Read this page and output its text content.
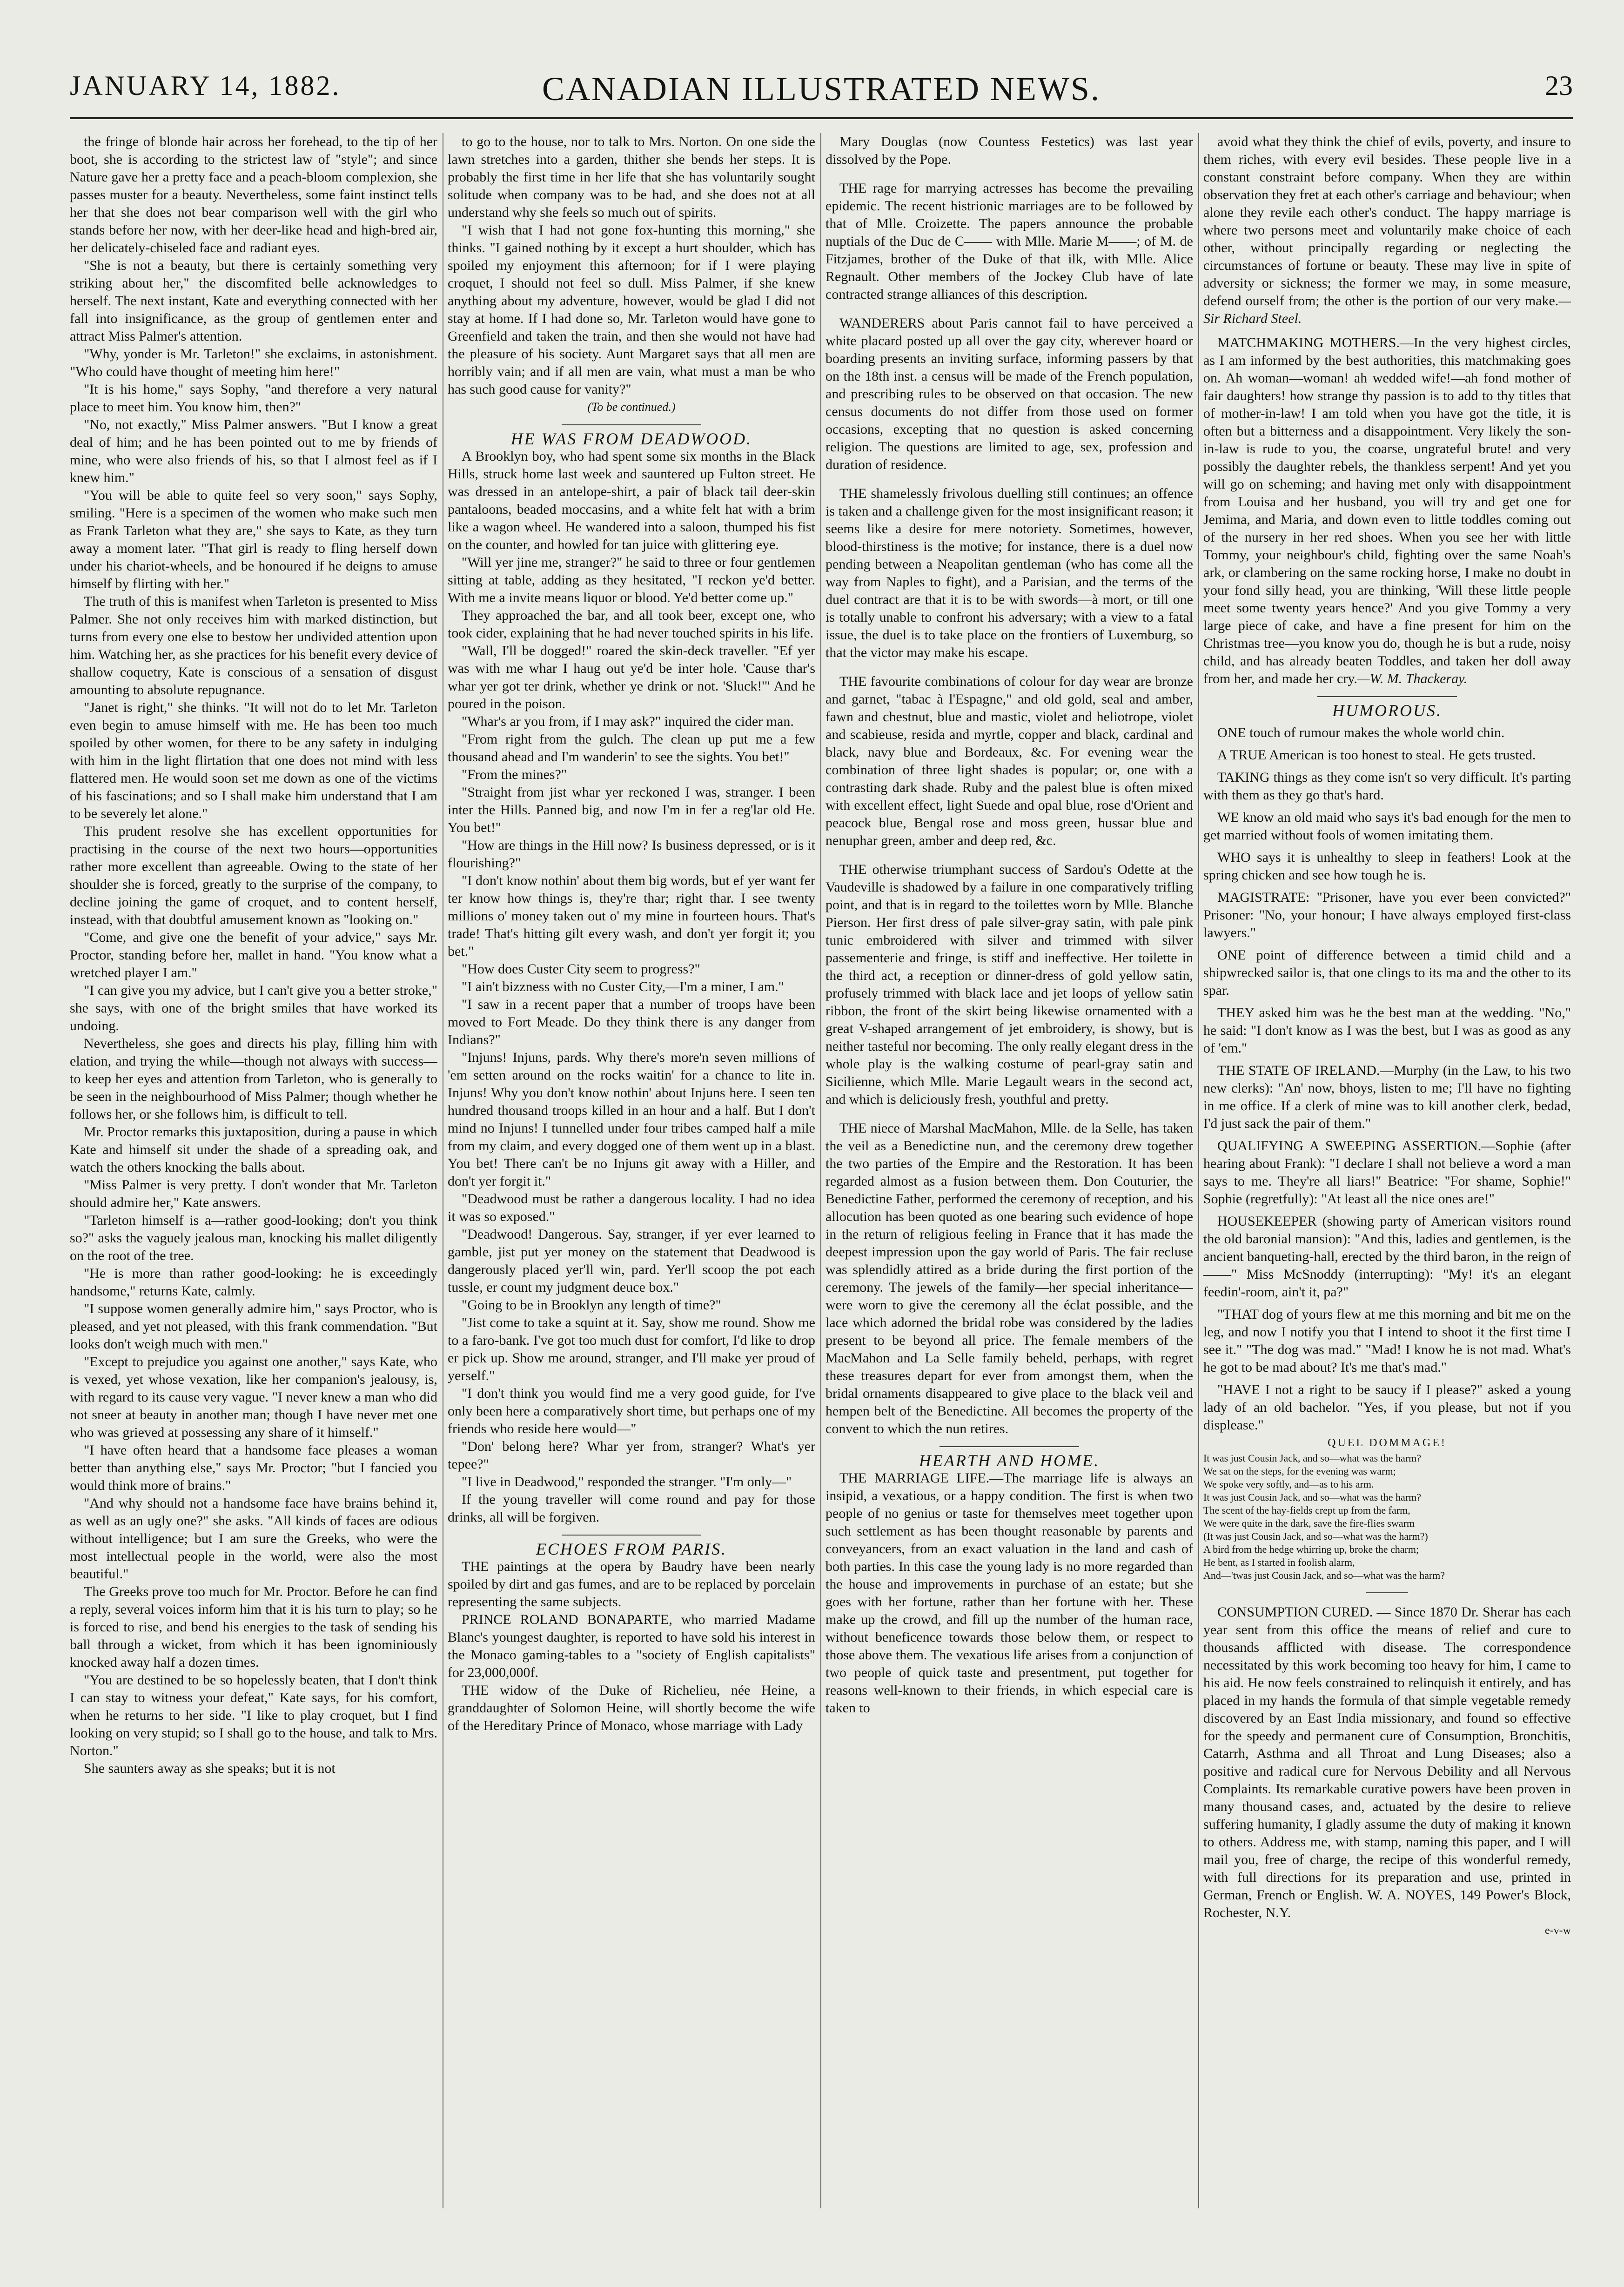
JANUARY 14, 1882.	CANADIAN ILLUSTRATED NEWS.	23

the fringe of blonde hair across her forehead, to the tip of her boot, she is according to the strictest law of "style"; and since Nature gave her a pretty face and a peach-bloom complexion, she passes muster for a beauty. Nevertheless, some faint instinct tells her that she does not bear comparison well with the girl who stands before her now, with her deer-like head and high-bred air, her delicately-chiseled face and radiant eyes.

"She is not a beauty, but there is certainly something very striking about her," the discomfited belle acknowledges to herself. The next instant, Kate and everything connected with her fall into insignificance, as the group of gentlemen enter and attract Miss Palmer's attention.

"Why, yonder is Mr. Tarleton!" she exclaims, in astonishment. "Who could have thought of meeting him here!"

"It is his home," says Sophy, "and therefore a very natural place to meet him. You know him, then?"

"No, not exactly," Miss Palmer answers. "But I know a great deal of him; and he has been pointed out to me by friends of mine, who were also friends of his, so that I almost feel as if I knew him."

"You will be able to quite feel so very soon," says Sophy, smiling. "Here is a specimen of the women who make such men as Frank Tarleton what they are," she says to Kate, as they turn away a moment later. "That girl is ready to fling herself down under his chariot-wheels, and be honoured if he deigns to amuse himself by flirting with her."

The truth of this is manifest when Tarleton is presented to Miss Palmer. She not only receives him with marked distinction, but turns from every one else to bestow her undivided attention upon him. Watching her, as she practices for his benefit every device of shallow coquetry, Kate is conscious of a sensation of disgust amounting to absolute repugnance.

"Janet is right," she thinks. "It will not do to let Mr. Tarleton even begin to amuse himself with me. He has been too much spoiled by other women, for there to be any safety in indulging with him in the light flirtation that one does not mind with less flattered men. He would soon set me down as one of the victims of his fascinations; and so I shall make him understand that I am to be severely let alone."

This prudent resolve she has excellent opportunities for practising in the course of the next two hours—opportunities rather more excellent than agreeable. Owing to the state of her shoulder she is forced, greatly to the surprise of the company, to decline joining the game of croquet, and to content herself, instead, with that doubtful amusement known as "looking on."

"Come, and give one the benefit of your advice," says Mr. Proctor, standing before her, mallet in hand. "You know what a wretched player I am."

"I can give you my advice, but I can't give you a better stroke," she says, with one of the bright smiles that have worked its undoing.

Nevertheless, she goes and directs his play, filling him with elation, and trying the while—though not always with success—to keep her eyes and attention from Tarleton, who is generally to be seen in the neighbourhood of Miss Palmer; though whether he follows her, or she follows him, is difficult to tell.

Mr. Proctor remarks this juxtaposition, during a pause in which Kate and himself sit under the shade of a spreading oak, and watch the others knocking the balls about.

"Miss Palmer is very pretty. I don't wonder that Mr. Tarleton should admire her," Kate answers.

"Tarleton himself is a—rather good-looking; don't you think so?" asks the vaguely jealous man, knocking his mallet diligently on the root of the tree.

"He is more than rather good-looking: he is exceedingly handsome," returns Kate, calmly.

"I suppose women generally admire him," says Proctor, who is pleased, and yet not pleased, with this frank commendation. "But looks don't weigh much with men."

"Except to prejudice you against one another," says Kate, who is vexed, yet whose vexation, like her companion's jealousy, is, with regard to its cause very vague. "I never knew a man who did not sneer at beauty in another man; though I have never met one who was grieved at possessing any share of it himself."

"I have often heard that a handsome face pleases a woman better than anything else," says Mr. Proctor; "but I fancied you would think more of brains."

"And why should not a handsome face have brains behind it, as well as an ugly one?" she asks. "All kinds of faces are odious without intelligence; but I am sure the Greeks, who were the most intellectual people in the world, were also the most beautiful."

The Greeks prove too much for Mr. Proctor. Before he can find a reply, several voices inform him that it is his turn to play; so he is forced to rise, and bend his energies to the task of sending his ball through a wicket, from which it has been ignominiously knocked away half a dozen times.

"You are destined to be so hopelessly beaten, that I don't think I can stay to witness your defeat," Kate says, for his comfort, when he returns to her side. "I like to play croquet, but I find looking on very stupid; so I shall go to the house, and talk to Mrs. Norton."

She saunters away as she speaks; but it is not

to go to the house, nor to talk to Mrs. Norton. On one side the lawn stretches into a garden, thither she bends her steps. It is probably the first time in her life that she has voluntarily sought solitude when company was to be had, and she does not at all understand why she feels so much out of spirits.

"I wish that I had not gone fox-hunting this morning," she thinks. "I gained nothing by it except a hurt shoulder, which has spoiled my enjoyment this afternoon; for if I were playing croquet, I should not feel so dull. Miss Palmer, if she knew anything about my adventure, however, would be glad I did not stay at home. If I had done so, Mr. Tarleton would have gone to Greenfield and taken the train, and then she would not have had the pleasure of his society. Aunt Margaret says that all men are horribly vain; and if all men are vain, what must a man be who has such good cause for vanity?"

(To be continued.)

HE WAS FROM DEADWOOD.

A Brooklyn boy, who had spent some six months in the Black Hills, struck home last week and sauntered up Fulton street. He was dressed in an antelope-shirt, a pair of black tail deer-skin pantaloons, beaded moccasins, and a white felt hat with a brim like a wagon wheel. He wandered into a saloon, thumped his fist on the counter, and howled for tan juice with glittering eye.

"Will yer jine me, stranger?" he said to three or four gentlemen sitting at table, adding as they hesitated, "I reckon ye'd better. With me a invite means liquor or blood. Ye'd better come up."

They approached the bar, and all took beer, except one, who took cider, explaining that he had never touched spirits in his life.

"Wall, I'll be dogged!" roared the skin-deck traveller. "Ef yer was with me whar I haug out ye'd be inter hole. 'Cause thar's whar yer got ter drink, whether ye drink or not. 'Sluck!'" And he poured in the poison.

"Whar's ar you from, if I may ask?" inquired the cider man.

"From right from the gulch. The clean up put me a few thousand ahead and I'm wanderin' to see the sights. You bet!"

"From the mines?"

"Straight from jist whar yer reckoned I was, stranger. I been inter the Hills. Panned big, and now I'm in fer a reg'lar old He. You bet!"

"How are things in the Hill now? Is business depressed, or is it flourishing?"

"I don't know nothin' about them big words, but ef yer want fer ter know how things is, they're thar; right thar. I see twenty millions o' money taken out o' my mine in fourteen hours. That's trade! That's hitting gilt every wash, and don't yer forgit it; you bet."

"How does Custer City seem to progress?"

"I ain't bizzness with no Custer City,—I'm a miner, I am."

"I saw in a recent paper that a number of troops have been moved to Fort Meade. Do they think there is any danger from Indians?"

"Injuns! Injuns, pards. Why there's more'n seven millions of 'em setten around on the rocks waitin' for a chance to lite in. Injuns! Why you don't know nothin' about Injuns here. I seen ten hundred thousand troops killed in an hour and a half. But I don't mind no Injuns! I tunnelled under four tribes camped half a mile from my claim, and every dogged one of them went up in a blast. You bet! There can't be no Injuns git away with a Hiller, and don't yer forgit it."

"Deadwood must be rather a dangerous locality. I had no idea it was so exposed."

"Deadwood! Dangerous. Say, stranger, if yer ever learned to gamble, jist put yer money on the statement that Deadwood is dangerously placed yer'll win, pard. Yer'll scoop the pot each tussle, er count my judgment deuce box."

"Going to be in Brooklyn any length of time?"

"Jist come to take a squint at it. Say, show me round. Show me to a faro-bank. I've got too much dust for comfort, I'd like to drop er pick up. Show me around, stranger, and I'll make yer proud of yerself."

"I don't think you would find me a very good guide, for I've only been here a comparatively short time, but perhaps one of my friends who reside here would—"

"Don' belong here? Whar yer from, stranger? What's yer tepee?"

"I live in Deadwood," responded the stranger. "I'm only—"

If the young traveller will come round and pay for those drinks, all will be forgiven.

ECHOES FROM PARIS.

THE paintings at the opera by Baudry have been nearly spoiled by dirt and gas fumes, and are to be replaced by porcelain representing the same subjects.

PRINCE ROLAND BONAPARTE, who married Madame Blanc's youngest daughter, is reported to have sold his interest in the Monaco gaming-tables to a "society of English capitalists" for 23,000,000f.

THE widow of the Duke of Richelieu, née Heine, a granddaughter of Solomon Heine, will shortly become the wife of the Hereditary Prince of Monaco, whose marriage with Lady

Mary Douglas (now Countess Festetics) was last year dissolved by the Pope.

THE rage for marrying actresses has become the prevailing epidemic. The recent histrionic marriages are to be followed by that of Mlle. Croizette. The papers announce the probable nuptials of the Duc de C—— with Mlle. Marie M——; of M. de Fitzjames, brother of the Duke of that ilk, with Mlle. Alice Regnault. Other members of the Jockey Club have of late contracted strange alliances of this description.

WANDERERS about Paris cannot fail to have perceived a white placard posted up all over the gay city, wherever hoard or boarding presents an inviting surface, informing passers by that on the 18th inst. a census will be made of the French population, and prescribing rules to be observed on that occasion. The new census documents do not differ from those used on former occasions, excepting that no question is asked concerning religion. The questions are limited to age, sex, profession and duration of residence.

THE shamelessly frivolous duelling still continues; an offence is taken and a challenge given for the most insignificant reason; it seems like a desire for mere notoriety. Sometimes, however, blood-thirstiness is the motive; for instance, there is a duel now pending between a Neapolitan gentleman (who has come all the way from Naples to fight), and a Parisian, and the terms of the duel contract are that it is to be with swords—à mort, or till one is totally unable to confront his adversary; with a view to a fatal issue, the duel is to take place on the frontiers of Luxemburg, so that the victor may make his escape.

THE favourite combinations of colour for day wear are bronze and garnet, "tabac à l'Espagne," and old gold, seal and amber, fawn and chestnut, blue and mastic, violet and heliotrope, violet and scabieuse, resida and myrtle, copper and black, cardinal and black, navy blue and Bordeaux, &c. For evening wear the combination of three light shades is popular; or, one with a contrasting dark shade. Ruby and the palest blue is often mixed with excellent effect, light Suede and opal blue, rose d'Orient and peacock blue, Bengal rose and moss green, hussar blue and nenuphar green, amber and deep red, &c.

THE otherwise triumphant success of Sardou's Odette at the Vaudeville is shadowed by a failure in one comparatively trifling point, and that is in regard to the toilettes worn by Mlle. Blanche Pierson. Her first dress of pale silver-gray satin, with pale pink tunic embroidered with silver and trimmed with silver passementerie and fringe, is stiff and ineffective. Her toilette in the third act, a reception or dinner-dress of gold yellow satin, profusely trimmed with black lace and jet loops of yellow satin ribbon, the front of the skirt being likewise ornamented with a great V-shaped arrangement of jet embroidery, is showy, but is neither tasteful nor becoming. The only really elegant dress in the whole play is the walking costume of pearl-gray satin and Sicilienne, which Mlle. Marie Legault wears in the second act, and which is deliciously fresh, youthful and pretty.

THE niece of Marshal MacMahon, Mlle. de la Selle, has taken the veil as a Benedictine nun, and the ceremony drew together the two parties of the Empire and the Restoration. It has been regarded almost as a fusion between them. Don Couturier, the Benedictine Father, performed the ceremony of reception, and his allocution has been quoted as one bearing such evidence of hope in the return of religious feeling in France that it has made the deepest impression upon the gay world of Paris. The fair recluse was splendidly attired as a bride during the first portion of the ceremony. The jewels of the family—her special inheritance—were worn to give the ceremony all the éclat possible, and the lace which adorned the bridal robe was considered by the ladies present to be beyond all price. The female members of the MacMahon and La Selle family beheld, perhaps, with regret these treasures depart for ever from amongst them, when the bridal ornaments disappeared to give place to the black veil and hempen belt of the Benedictine. All becomes the property of the convent to which the nun retires.

HEARTH AND HOME.

THE MARRIAGE LIFE.—The marriage life is always an insipid, a vexatious, or a happy condition. The first is when two people of no genius or taste for themselves meet together upon such settlement as has been thought reasonable by parents and conveyancers, from an exact valuation in the land and cash of both parties. In this case the young lady is no more regarded than the house and improvements in purchase of an estate; but she goes with her fortune, rather than her fortune with her. These make up the crowd, and fill up the number of the human race, without beneficence towards those below them, or respect to those above them. The vexatious life arises from a conjunction of two people of quick taste and presentment, put together for reasons well-known to their friends, in which especial care is taken to

avoid what they think the chief of evils, poverty, and insure to them riches, with every evil besides. These people live in a constant constraint before company. When they are within observation they fret at each other's carriage and behaviour; when alone they revile each other's conduct. The happy marriage is where two persons meet and voluntarily make choice of each other, without principally regarding or neglecting the circumstances of fortune or beauty. These may live in spite of adversity or sickness; the former we may, in some measure, defend ourself from; the other is the portion of our very make.—Sir Richard Steel.

MATCHMAKING MOTHERS.—In the very highest circles, as I am informed by the best authorities, this matchmaking goes on. Ah woman—woman! ah wedded wife!—ah fond mother of fair daughters! how strange thy passion is to add to thy titles that of mother-in-law! I am told when you have got the title, it is often but a bitterness and a disappointment. Very likely the son-in-law is rude to you, the coarse, ungrateful brute! and very possibly the daughter rebels, the thankless serpent! And yet you will go on scheming; and having met only with disappointment from Louisa and her husband, you will try and get one for Jemima, and Maria, and down even to little toddles coming out of the nursery in her red shoes. When you see her with little Tommy, your neighbour's child, fighting over the same Noah's ark, or clambering on the same rocking horse, I make no doubt in your fond silly head, you are thinking, 'Will these little people meet some twenty years hence?' And you give Tommy a very large piece of cake, and have a fine present for him on the Christmas tree—you know you do, though he is but a rude, noisy child, and has already beaten Toddles, and taken her doll away from her, and made her cry.—W. M. Thackeray.

HUMOROUS.

ONE touch of rumour makes the whole world chin.

A TRUE American is too honest to steal. He gets trusted.

TAKING things as they come isn't so very difficult. It's parting with them as they go that's hard.

WE know an old maid who says it's bad enough for the men to get married without fools of women imitating them.

WHO says it is unhealthy to sleep in feathers! Look at the spring chicken and see how tough he is.

MAGISTRATE: "Prisoner, have you ever been convicted?" Prisoner: "No, your honour; I have always employed first-class lawyers."

ONE point of difference between a timid child and a shipwrecked sailor is, that one clings to its ma and the other to its spar.

THEY asked him was he the best man at the wedding. "No," he said: "I don't know as I was the best, but I was as good as any of 'em."

THE STATE OF IRELAND.—Murphy (in the Law, to his two new clerks): "An' now, bhoys, listen to me; I'll have no fighting in me office. If a clerk of mine was to kill another clerk, bedad, I'd just sack the pair of them."

QUALIFYING A SWEEPING ASSERTION.—Sophie (after hearing about Frank): "I declare I shall not believe a word a man says to me. They're all liars!" Beatrice: "For shame, Sophie!" Sophie (regretfully): "At least all the nice ones are!"

HOUSEKEEPER (showing party of American visitors round the old baronial mansion): "And this, ladies and gentlemen, is the ancient banqueting-hall, erected by the third baron, in the reign of ——" Miss McSnoddy (interrupting): "My! it's an elegant feedin'-room, ain't it, pa?"

"THAT dog of yours flew at me this morning and bit me on the leg, and now I notify you that I intend to shoot it the first time I see it." "The dog was mad." "Mad! I know he is not mad. What's he got to be mad about? It's me that's mad."

"HAVE I not a right to be saucy if I please?" asked a young lady of an old bachelor. "Yes, if you please, but not if you displease."

QUEL DOMMAGE!

It was just Cousin Jack, and so—what was the harm?

We sat on the steps, for the evening was warm;

We spoke very softly, and—as to his arm.

It was just Cousin Jack, and so—what was the harm?

The scent of the hay-fields crept up from the farm,

We were quite in the dark, save the fire-flies swarm

(It was just Cousin Jack, and so—what was the harm?)

A bird from the hedge whirring up, broke the charm;

He bent, as I started in foolish alarm,

And—'twas just Cousin Jack, and so—what was the harm?

CONSUMPTION CURED. — Since 1870 Dr. Sherar has each year sent from this office the means of relief and cure to thousands afflicted with disease. The correspondence necessitated by this work becoming too heavy for him, I came to his aid. He now feels constrained to relinquish it entirely, and has placed in my hands the formula of that simple vegetable remedy discovered by an East India missionary, and found so effective for the speedy and permanent cure of Consumption, Bronchitis, Catarrh, Asthma and all Throat and Lung Diseases; also a positive and radical cure for Nervous Debility and all Nervous Complaints. Its remarkable curative powers have been proven in many thousand cases, and, actuated by the desire to relieve suffering humanity, I gladly assume the duty of making it known to others. Address me, with stamp, naming this paper, and I will mail you, free of charge, the recipe of this wonderful remedy, with full directions for its preparation and use, printed in German, French or English. W. A. NOYES, 149 Power's Block, Rochester, N.Y.

e-v-w
